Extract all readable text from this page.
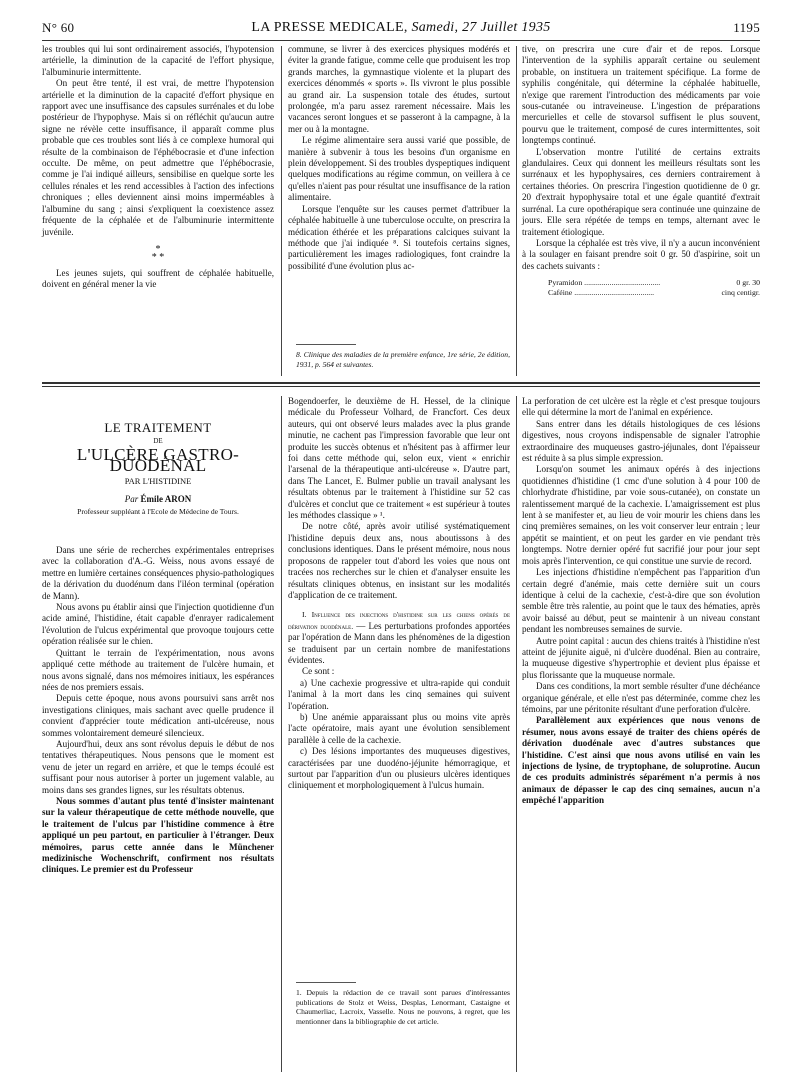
N° 60	LA PRESSE MEDICALE, Samedi, 27 Juillet 1935	1195

les troubles qui lui sont ordinairement associés, l'hypotension artérielle, la diminution de la capacité de l'effort physique, l'albuminurie intermittente.

On peut être tenté, il est vrai, de mettre l'hypotension artérielle et la diminution de la capacité d'effort physique en rapport avec une insuffisance des capsules surrénales et du lobe postérieur de l'hypophyse. Mais si on réfléchit qu'aucun autre signe ne révèle cette insuffisance, il apparaît comme plus probable que ces troubles sont liés à ce complexe humoral qui résulte de la combinaison de l'éphébocrasie et d'une infection occulte. De même, on peut admettre que l'éphébocrasie, comme je l'ai indiqué ailleurs, sensibilise en quelque sorte les cellules rénales et les rend accessibles à l'action des infections chroniques ; elles deviennent ainsi moins imperméables à l'albumine du sang ; ainsi s'expliquent la coexistence assez fréquente de la céphalée et de l'albuminurie intermittente juvénile.

*
* *

Les jeunes sujets, qui souffrent de céphalée habituelle, doivent en général mener la vie

commune, se livrer à des exercices physiques modérés et éviter la grande fatigue, comme celle que produisent les trop grands marches, la gymnastique violente et la plupart des exercices dénommés « sports ». Ils vivront le plus possible au grand air. La suspension totale des études, surtout prolongée, m'a paru assez rarement nécessaire. Mais les vacances seront longues et se passeront à la campagne, à la mer ou à la montagne.

Le régime alimentaire sera aussi varié que possible, de manière à subvenir à tous les besoins d'un organisme en plein développement. Si des troubles dyspeptiques indiquent quelques modifications au régime commun, on veillera à ce qu'elles n'aient pas pour résultat une insuffisance de la ration alimentaire.

Lorsque l'enquête sur les causes permet d'attribuer la céphalée habituelle à une tuberculose occulte, on prescrira la médication éthérée et les préparations calciques suivant la méthode que j'ai indiquée ⁸. Si toutefois certains signes, particulièrement les images radiologiques, font craindre la possibilité d'une évolution plus ac-

8. Clinique des maladies de la première enfance, 1re série, 2e édition, 1931, p. 564 et suivantes.

tive, on prescrira une cure d'air et de repos. Lorsque l'intervention de la syphilis apparaît certaine ou seulement probable, on instituera un traitement spécifique. La forme de syphilis congénitale, qui détermine la céphalée habituelle, n'exige que rarement l'introduction des médicaments par voie sous-cutanée ou intraveineuse. L'ingestion de préparations mercurielles et celle de stovarsol suffisent le plus souvent, pourvu que le traitement, composé de cures intermittentes, soit longtemps continué.

L'observation montre l'utilité de certains extraits glandulaires. Ceux qui donnent les meilleurs résultats sont les surrénaux et les hypophysaires, ces derniers contrairement à certaines théories. On prescrira l'ingestion quotidienne de 0 gr. 20 d'extrait hypophysaire total et une égale quantité d'extrait surrénal. La cure opothérapique sera continuée une quinzaine de jours. Elle sera répétée de temps en temps, alternant avec le traitement étiologique.

Lorsque la céphalée est très vive, il n'y a aucun inconvénient à la soulager en faisant prendre soit 0 gr. 50 d'aspirine, soit un des cachets suivants :

Pyramidon .......................................	0 gr. 30
Caféine .........................................	cinq centigr.
LE TRAITEMENT
DE
L'ULCÈRE GASTRO-DUODÉNAL
PAR L'HISTIDINE
Par Émile ARON
Professeur suppléant à l'Ecole de Médecine de Tours.

Dans une série de recherches expérimentales entreprises avec la collaboration d'A.-G. Weiss, nous avons essayé de mettre en lumière certaines conséquences physio-pathologiques de la dérivation du duodénum dans l'iléon terminal (opération de Mann).

Nous avons pu établir ainsi que l'injection quotidienne d'un acide aminé, l'histidine, était capable d'enrayer radicalement l'évolution de l'ulcus expérimental que provoque toujours cette opération réalisée sur le chien.

Quittant le terrain de l'expérimentation, nous avons appliqué cette méthode au traitement de l'ulcère humain, et nous avons signalé, dans nos mémoires initiaux, les espérances nées de nos premiers essais.

Depuis cette époque, nous avons poursuivi sans arrêt nos investigations cliniques, mais sachant avec quelle prudence il convient d'apprécier toute médication anti-ulcéreuse, nous sommes volontairement demeuré silencieux.

Aujourd'hui, deux ans sont révolus depuis le début de nos tentatives thérapeutiques. Nous pensons que le moment est venu de jeter un regard en arrière, et que le temps écoulé est suffisant pour nous autoriser à porter un jugement valable, au moins dans ses grandes lignes, sur les résultats obtenus.

Nous sommes d'autant plus tenté d'insister maintenant sur la valeur thérapeutique de cette méthode nouvelle, que le traitement de l'ulcus par l'histidine commence à être appliqué un peu partout, en particulier à l'étranger. Deux mémoires, parus cette année dans le Münchener medizinische Wochenschrift, confirment nos résultats cliniques. Le premier est du Professeur

Bogendoerfer, le deuxième de H. Hessel, de la clinique médicale du Professeur Volhard, de Francfort. Ces deux auteurs, qui ont observé leurs malades avec la plus grande minutie, ne cachent pas l'impression favorable que leur ont produite les succès obtenus et n'hésitent pas à affirmer leur foi dans cette méthode qui, selon eux, vient « enrichir l'arsenal de la thérapeutique anti-ulcéreuse ». D'autre part, dans The Lancet, E. Bulmer publie un travail analysant les résultats obtenus par le traitement à l'histidine sur 52 cas d'ulcères et conclut que ce traitement « est supérieur à toutes les méthodes classique » ¹.

De notre côté, après avoir utilisé systématiquement l'histidine depuis deux ans, nous aboutissons à des conclusions identiques. Dans le présent mémoire, nous nous proposons de rappeler tout d'abord les voies que nous ont tracées nos recherches sur le chien et d'analyser ensuite les résultats cliniques obtenus, en insistant sur les modalités d'application de ce traitement.

I. Influence des injections d'histidine sur les chiens opérés de dérivation duodénale. — Les perturbations profondes apportées par l'opération de Mann dans les phénomènes de la digestion se traduisent par un certain nombre de manifestations évidentes.

Ce sont :

a) Une cachexie progressive et ultra-rapide qui conduit l'animal à la mort dans les cinq semaines qui suivent l'opération.

b) Une anémie apparaissant plus ou moins vite après l'acte opératoire, mais ayant une évolution sensiblement parallèle à celle de la cachexie.

c) Des lésions importantes des muqueuses digestives, caractérisées par une duodéno-jéjunite hémorragique, et surtout par l'apparition d'un ou plusieurs ulcères identiques cliniquement et morphologiquement à l'ulcus humain.

1. Depuis la rédaction de ce travail sont parues d'intéressantes publications de Stolz et Weiss, Desplas, Lenormant, Castaigne et Chaumerliac, Lacroix, Vasselle. Nous ne pouvons, à regret, que les mentionner dans la bibliographie de cet article.

La perforation de cet ulcère est la règle et c'est presque toujours elle qui détermine la mort de l'animal en expérience.

Sans entrer dans les détails histologiques de ces lésions digestives, nous croyons indispensable de signaler l'atrophie extraordinaire des muqueuses gastro-jéjunales, dont l'épaisseur est réduite à sa plus simple expression.

Lorsqu'on soumet les animaux opérés à des injections quotidiennes d'histidine (1 cmc d'une solution à 4 pour 100 de chlorhydrate d'histidine, par voie sous-cutanée), on constate un ralentissement marqué de la cachexie. L'amaigrissement est plus lent à se manifester et, au lieu de voir mourir les chiens dans les cinq premières semaines, on les voit conserver leur entrain ; leur appétit se maintient, et on peut les garder en vie pendant très longtemps. Notre dernier opéré fut sacrifié jour pour jour sept mois après l'intervention, ce qui constitue une survie de record.

Les injections d'histidine n'empêchent pas l'apparition d'un certain degré d'anémie, mais cette dernière suit un cours identique à celui de la cachexie, c'est-à-dire que son évolution semble être très ralentie, au point que le taux des hématies, après avoir baissé au début, peut se maintenir à un niveau constant pendant les nombreuses semaines de survie.

Autre point capital : aucun des chiens traités à l'histidine n'est atteint de jéjunite aiguë, ni d'ulcère duodénal. Bien au contraire, la muqueuse digestive s'hypertrophie et devient plus épaisse et plus florissante que la muqueuse normale.

Dans ces conditions, la mort semble résulter d'une déchéance organique générale, et elle n'est pas déterminée, comme chez les témoins, par une péritonite résultant d'une perforation d'ulcère.

Parallèlement aux expériences que nous venons de résumer, nous avons essayé de traiter des chiens opérés de dérivation duodénale avec d'autres substances que l'histidine. C'est ainsi que nous avons utilisé en vain les injections de lysine, de tryptophane, de soluprotine. Aucun de ces produits administrés séparément n'a permis à nos animaux de dépasser le cap des cinq semaines, aucun n'a empêché l'apparition
